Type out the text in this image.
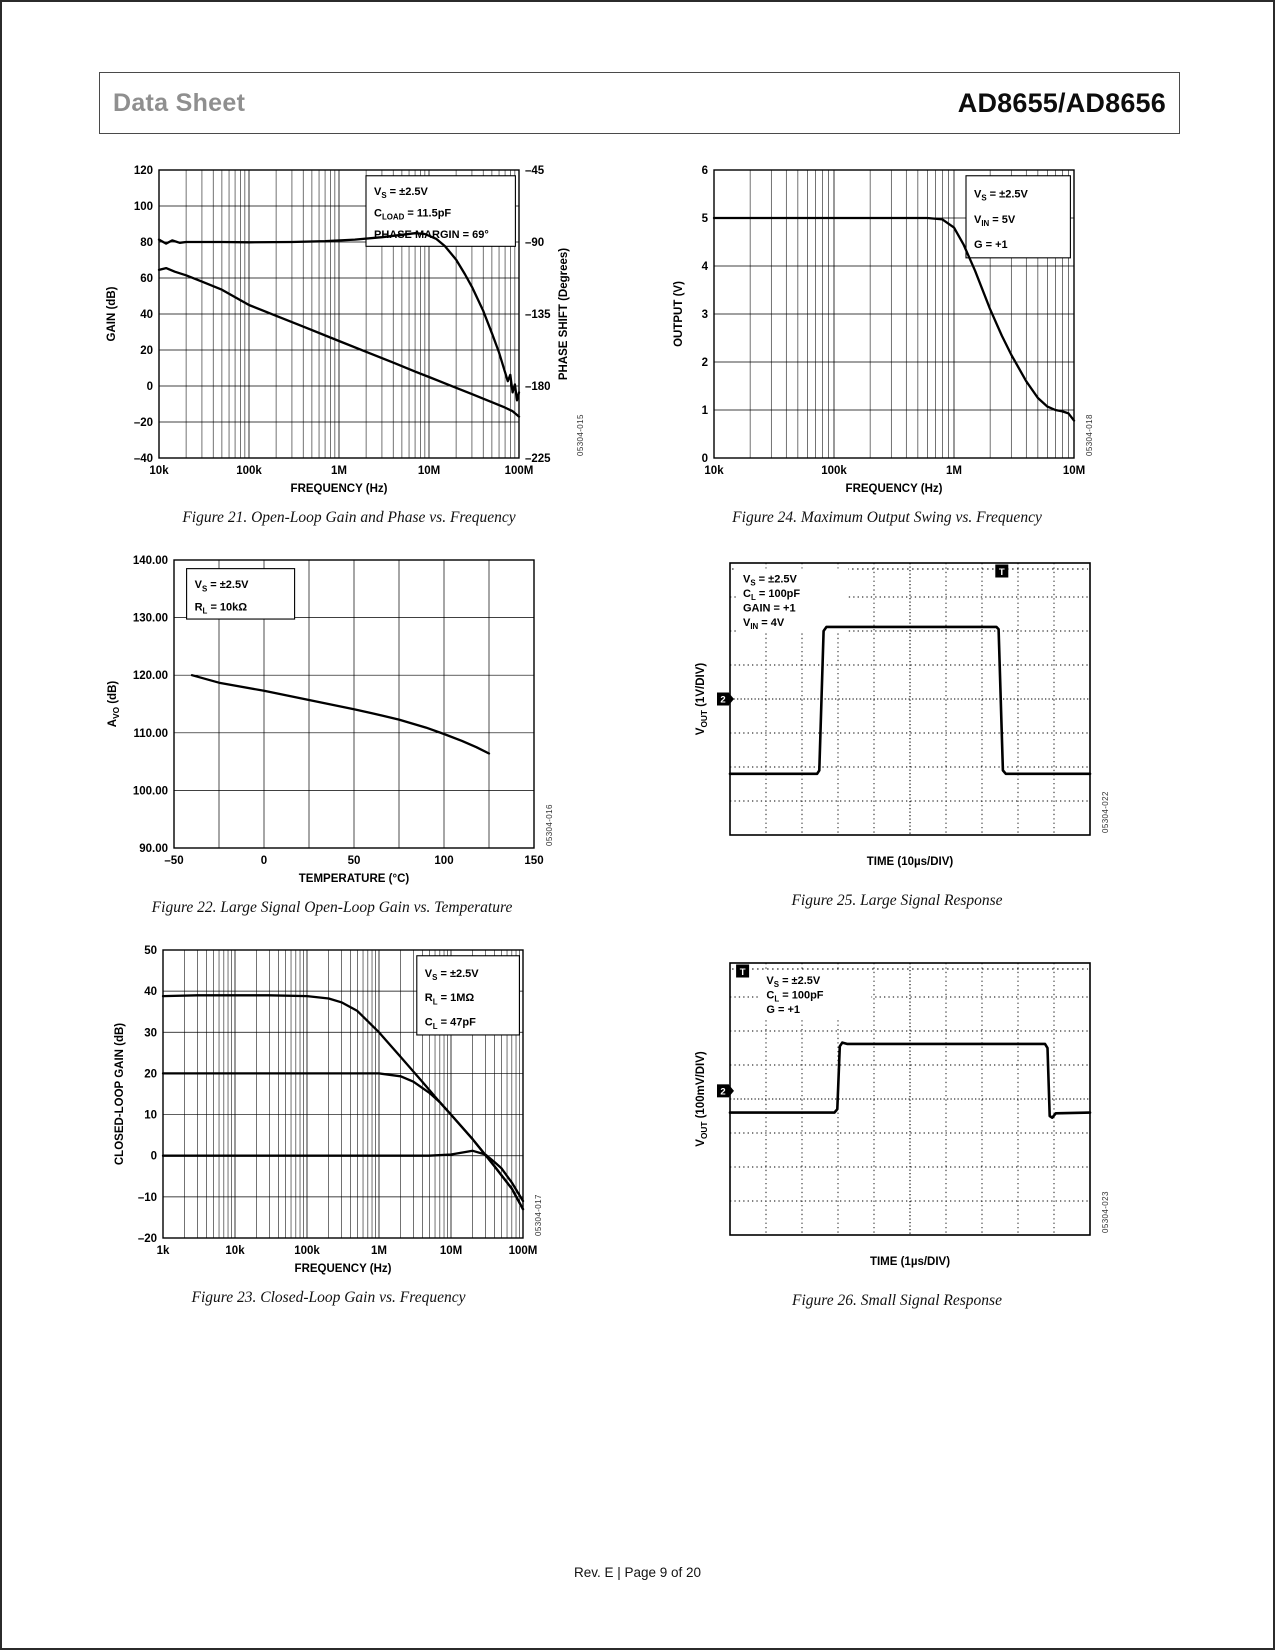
Data Sheet	AD8655/AD8656
10k	100k	1M	10M	100M
–40
–20
0
20
40
60
80
100
120
–225
–180
–135
–90
–45
FREQUENCY (Hz)
GAIN (dB)	PHASE SHIFT (Degrees)
$V_S = \pm 2.5V$
$C_{LOAD} = 11.5pF$
PHASE MARGIN = 69°
05304-015
Figure 21. Open-Loop Gain and Phase vs. Frequency
10k	100k	1M	10M
0
1
2
3
4
5
6
FREQUENCY (Hz)
OUTPUT (V)
$V_S = \pm 2.5V$
$V_{IN} = 5V$
G = +1
05304-018
Figure 24. Maximum Output Swing vs. Frequency
–50	0	50	100	150
90.00
100.00
110.00
120.00
130.00
140.00
TEMPERATURE (°C)
$A_{VO}$ (dB)
$V_S = \pm 2.5V$
$R_L = 10k\Omega$
05304-016
Figure 22. Large Signal Open-Loop Gain vs. Temperature
$V_S = \pm 2.5V$
$C_L = 100pF$
GAIN = +1
$V_{IN} = 4V$
T
2
TIME (10µs/DIV)
$V_{OUT}$ (1V/DIV)
05304-022
Figure 25. Large Signal Response
1k	10k	100k	1M	10M	100M
–20
–10
0
10
20
30
40
50
FREQUENCY (Hz)
CLOSED-LOOP GAIN (dB)
$V_S = \pm 2.5V$
$R_L = 1M\Omega$
$C_L = 47pF$
05304-017
Figure 23. Closed-Loop Gain vs. Frequency
$V_S = \pm 2.5V$
$C_L = 100pF$
G = +1
T
2
TIME (1µs/DIV)
$V_{OUT}$ (100mV/DIV)
05304-023
Figure 26. Small Signal Response
Rev. E | Page 9 of 20
